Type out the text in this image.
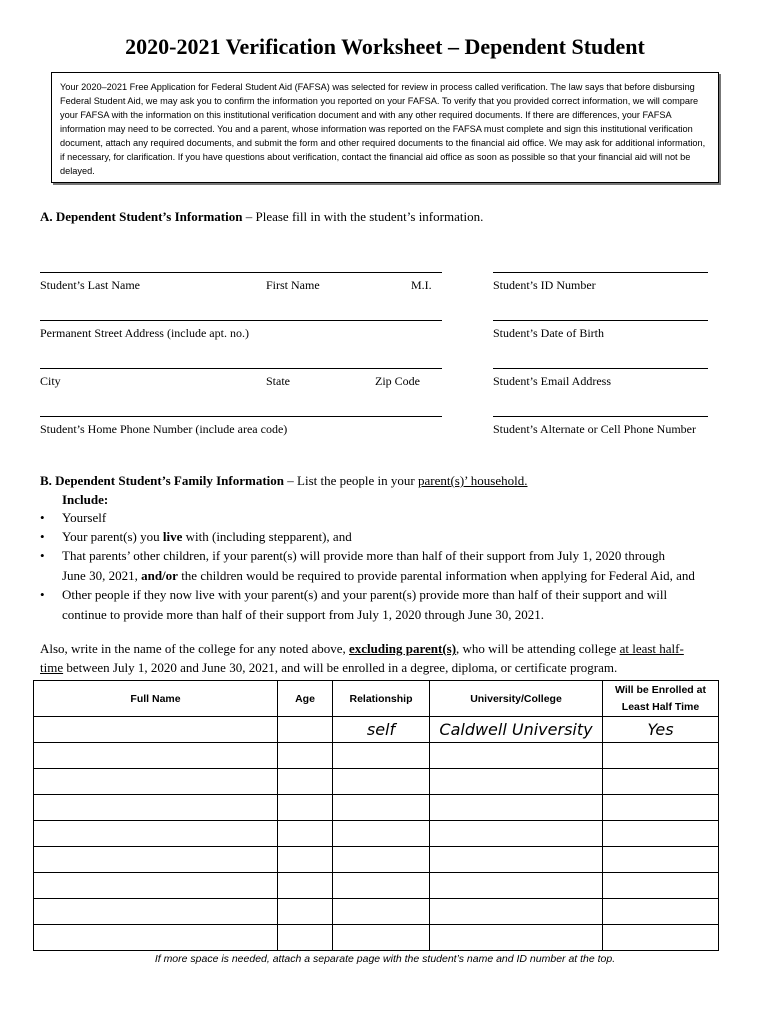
2020-2021 Verification Worksheet – Dependent Student

Your 2020–2021 Free Application for Federal Student Aid (FAFSA) was selected for review in process called verification. The law says that before disbursing Federal Student Aid, we may ask you to confirm the information you reported on your FAFSA. To verify that you provided correct information, we will compare your FAFSA with the information on this institutional verification document and with any other required documents. If there are differences, your FAFSA information may need to be corrected. You and a parent, whose information was reported on the FAFSA must complete and sign this institutional verification document, attach any required documents, and submit the form and other required documents to the financial aid office. We may ask for additional information, if necessary, for clarification. If you have questions about verification, contact the financial aid office as soon as possible so that your financial aid will not be delayed.

A. Dependent Student’s Information – Please fill in with the student’s information.
Student’s Last Name	First Name	M.I.	Student’s ID Number
Permanent Street Address (include apt. no.)	Student’s Date of Birth
City	State	Zip Code	Student’s Email Address
Student’s Home Phone Number (include area code)	Student’s Alternate or Cell Phone Number
B. Dependent Student’s Family Information – List the people in your parent(s)’ household.
Include:
• Yourself
• Your parent(s) you live with (including stepparent), and
• That parents’ other children, if your parent(s) will provide more than half of their support from July 1, 2020 through
June 30, 2021, and/or the children would be required to provide parental information when applying for Federal Aid, and
• Other people if they now live with your parent(s) and your parent(s) provide more than half of their support and will
continue to provide more than half of their support from July 1, 2020 through June 30, 2021.
Also, write in the name of the college for any noted above, excluding parent(s), who will be attending college at least half-
time between July 1, 2020 and June 30, 2021, and will be enrolled in a degree, diploma, or certificate program.
Full Name	Age	Relationship	University/College	Will be Enrolled at
Least Half Time
		self	Caldwell University	Yes

If more space is needed, attach a separate page with the student’s name and ID number at the top.
